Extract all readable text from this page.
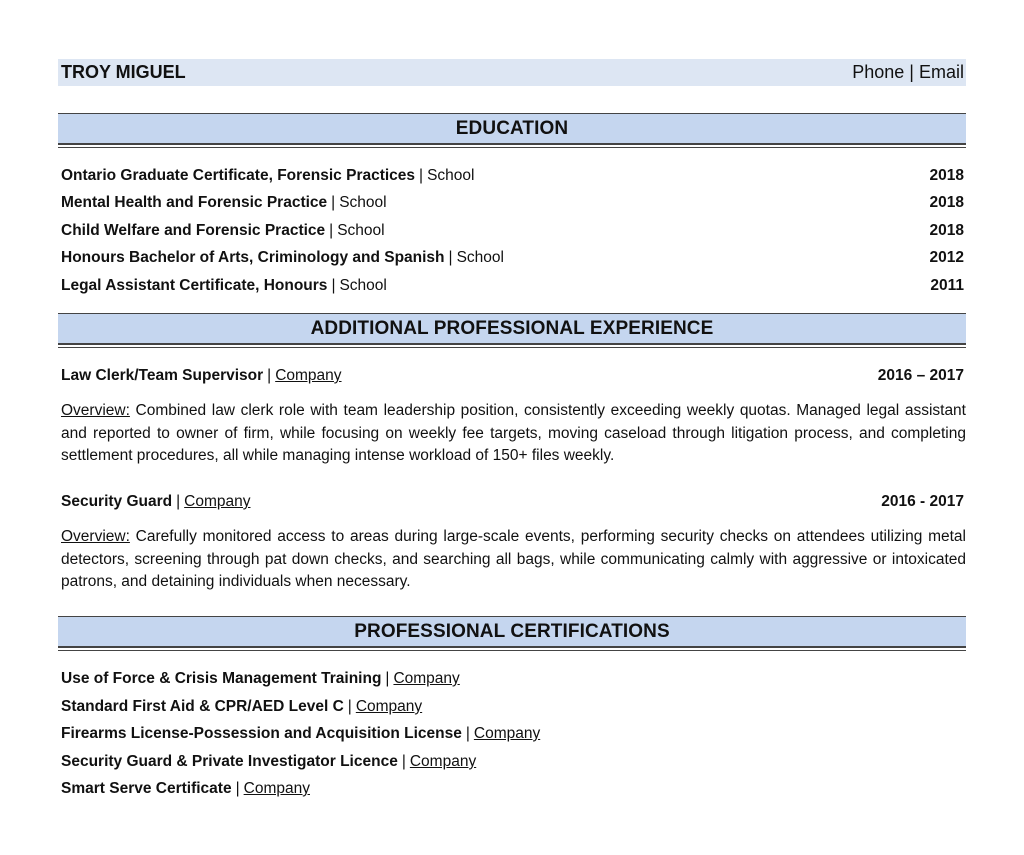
TROY MIGUEL	Phone | Email
EDUCATION
Ontario Graduate Certificate, Forensic Practices | School	2018
Mental Health and Forensic Practice | School	2018
Child Welfare and Forensic Practice | School	2018
Honours Bachelor of Arts, Criminology and Spanish | School	2012
Legal Assistant Certificate, Honours | School	2011
ADDITIONAL PROFESSIONAL EXPERIENCE
Law Clerk/Team Supervisor | Company	2016 – 2017
Overview: Combined law clerk role with team leadership position, consistently exceeding weekly quotas. Managed legal assistant and reported to owner of firm, while focusing on weekly fee targets, moving caseload through litigation process, and completing settlement procedures, all while managing intense workload of 150+ files weekly.
Security Guard | Company	2016 - 2017
Overview: Carefully monitored access to areas during large-scale events, performing security checks on attendees utilizing metal detectors, screening through pat down checks, and searching all bags, while communicating calmly with aggressive or intoxicated patrons, and detaining individuals when necessary.
PROFESSIONAL CERTIFICATIONS
Use of Force & Crisis Management Training | Company
Standard First Aid & CPR/AED Level C | Company
Firearms License-Possession and Acquisition License | Company
Security Guard & Private Investigator Licence | Company
Smart Serve Certificate | Company
